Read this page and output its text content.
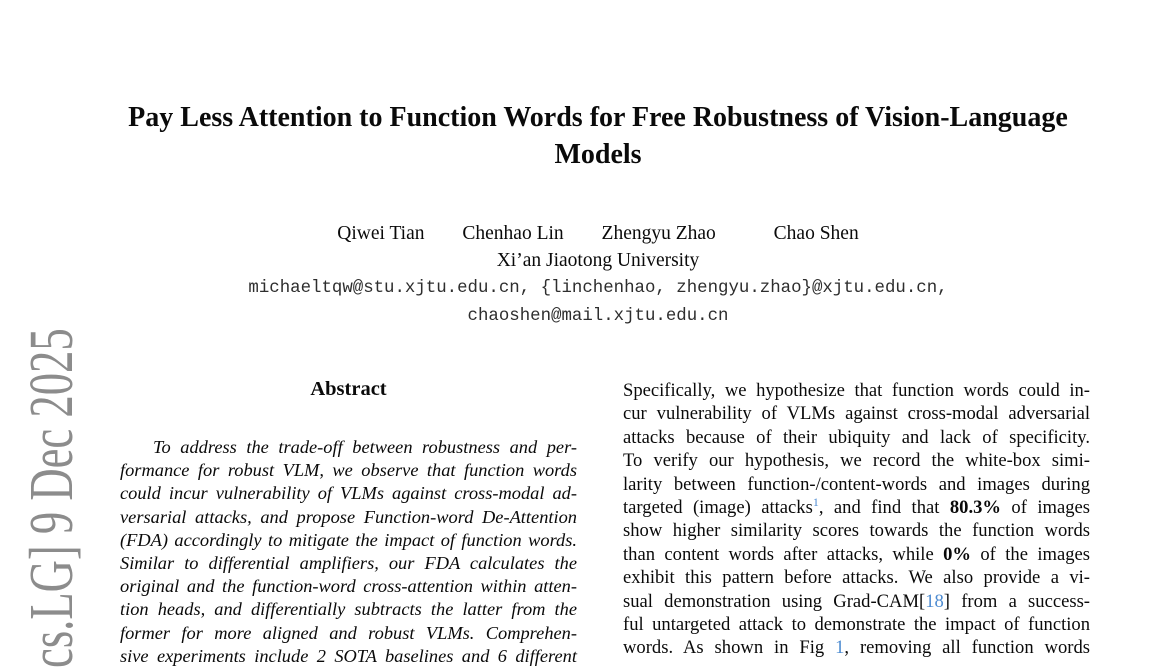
cs.LG] 9 Dec 2025
Pay Less Attention to Function Words for Free Robustness of Vision-Language
Models
Qiwei Tian Chenhao Lin Zhengyu Zhao	Chao Shen
Xi’an Jiaotong University
michaeltqw@stu.xjtu.edu.cn, {linchenhao, zhengyu.zhao}@xjtu.edu.cn,
chaoshen@mail.xjtu.edu.cn
Abstract
To address the trade-off between robustness and per-
formance for robust VLM, we observe that function words
could incur vulnerability of VLMs against cross-modal ad-
versarial attacks, and propose Function-word De-Attention
(FDA) accordingly to mitigate the impact of function words.
Similar to differential amplifiers, our FDA calculates the
original and the function-word cross-attention within atten-
tion heads, and differentially subtracts the latter from the
former for more aligned and robust VLMs. Comprehen-
sive experiments include 2 SOTA baselines and 6 different
Specifically, we hypothesize that function words could in-
cur vulnerability of VLMs against cross-modal adversarial
attacks because of their ubiquity and lack of specificity.
To verify our hypothesis, we record the white-box simi-
larity between function-/content-words and images during
targeted (image) attacks$^1$, and find that 80.3% of images
show higher similarity scores towards the function words
than content words after attacks, while 0% of the images
exhibit this pattern before attacks. We also provide a vi-
sual demonstration using Grad-CAM[18] from a success-
ful untargeted attack to demonstrate the impact of function
words. As shown in Fig 1, removing all function words
